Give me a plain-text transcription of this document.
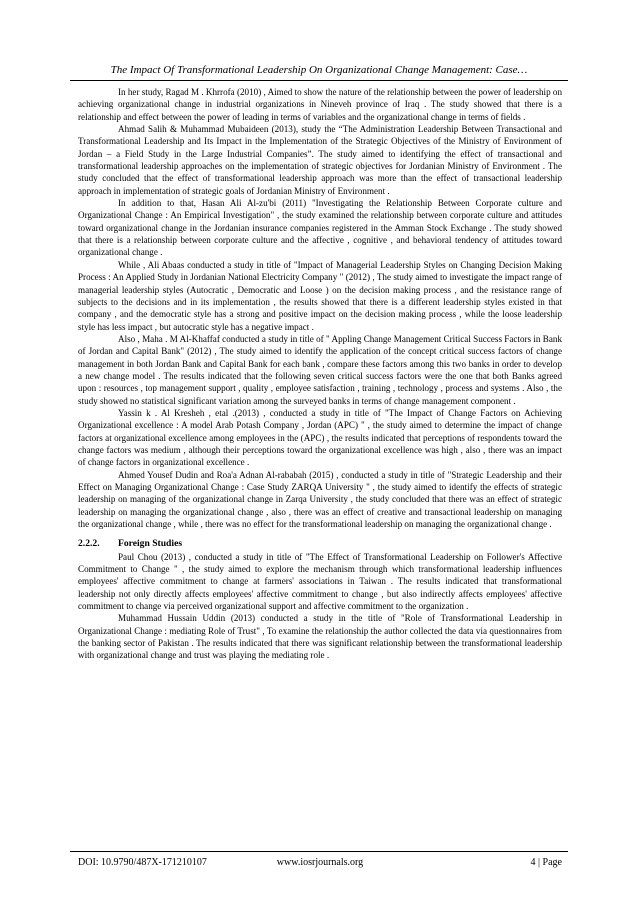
The Impact Of Transformational Leadership On Organizational Change Management: Case…

In her study, Ragad M . Khrrofa (2010) , Aimed to show the nature of the relationship between the power of leadership on achieving organizational change in industrial organizations in Nineveh province of Iraq . The study showed that there is a relationship and effect between the power of leading in terms of variables and the organizational change in terms of fields .

Ahmad Salih & Muhammad Mubaideen (2013), study the “The Administration Leadership Between Transactional and Transformational Leadership and Its Impact in the Implementation of the Strategic Objectives of the Ministry of Environment of Jordan – a Field Study in the Large Industrial Companies”. The study aimed to identifying the effect of transactional and transformational leadership approaches on the implementation of strategic objectives for Jordanian Ministry of Environment . The study concluded that the effect of transformational leadership approach was more than the effect of transactional leadership approach in implementation of strategic goals of Jordanian Ministry of Environment .

In addition to that, Hasan Ali Al-zu'bi (2011) "Investigating the Relationship Between Corporate culture and Organizational Change : An Empirical Investigation" , the study examined the relationship between corporate culture and attitudes toward organizational change in the Jordanian insurance companies registered in the Amman Stock Exchange . The study showed that there is a relationship between corporate culture and the affective , cognitive , and behavioral tendency of attitudes toward organizational change .

While , Ali Abaas conducted a study in title of "Impact of Managerial Leadership Styles on Changing Decision Making Process : An Applied Study in Jordanian National Electricity Company " (2012) , The study aimed to investigate the impact range of managerial leadership styles (Autocratic , Democratic and Loose ) on the decision making process , and the resistance range of subjects to the decisions and in its implementation , the results showed that there is a different leadership styles existed in that company , and the democratic style has a strong and positive impact on the decision making process , while the loose leadership style has less impact , but autocratic style has a negative impact .

Also , Maha . M Al-Khaffaf conducted a study in title of " Appling Change Management Critical Success Factors in Bank of Jordan and Capital Bank" (2012) , The study aimed to identify the application of the concept critical success factors of change management in both Jordan Bank and Capital Bank for each bank , compare these factors among this two banks in order to develop a new change model . The results indicated that the following seven critical success factors were the one that both Banks agreed upon : resources , top management support , quality , employee satisfaction , training , technology , process and systems . Also , the study showed no statistical significant variation among the surveyed banks in terms of change management component .

Yassin k . Al Kresheh , etal .(2013) , conducted a study in title of "The Impact of Change Factors on Achieving Organizational excellence : A model Arab Potash Company , Jordan (APC) " , the study aimed to determine the impact of change factors at organizational excellence among employees in the (APC) , the results indicated that perceptions of respondents toward the change factors was medium , although their perceptions toward the organizational excellence was high , also , there was an impact of change factors in organizational excellence .

Ahmed Yousef Dudin and Roa'a Adnan Al-rababah (2015) , conducted a study in title of "Strategic Leadership and their Effect on Managing Organizational Change : Case Study ZARQA University " , the study aimed to identify the effects of strategic leadership on managing of the organizational change in Zarqa University , the study concluded that there was an effect of strategic leadership on managing the organizational change , also , there was an effect of creative and transactional leadership on managing the organizational change , while , there was no effect for the transformational leadership on managing the organizational change .

2.2.2. Foreign Studies

Paul Chou (2013) , conducted a study in title of "The Effect of Transformational Leadership on Follower's Affective Commitment to Change " , the study aimed to explore the mechanism through which transformational leadership influences employees' affective commitment to change at farmers' associations in Taiwan . The results indicated that transformational leadership not only directly affects employees' affective commitment to change , but also indirectly affects employees' affective commitment to change via perceived organizational support and affective commitment to the organization .

Muhammad Hussain Uddin (2013) conducted a study in the title of "Role of Transformational Leadership in Organizational Change : mediating Role of Trust" , To examine the relationship the author collected the data via questionnaires from the banking sector of Pakistan . The results indicated that there was significant relationship between the transformational leadership with organizational change and trust was playing the mediating role .

DOI: 10.9790/487X-171210107	www.iosrjournals.org	4 | Page
